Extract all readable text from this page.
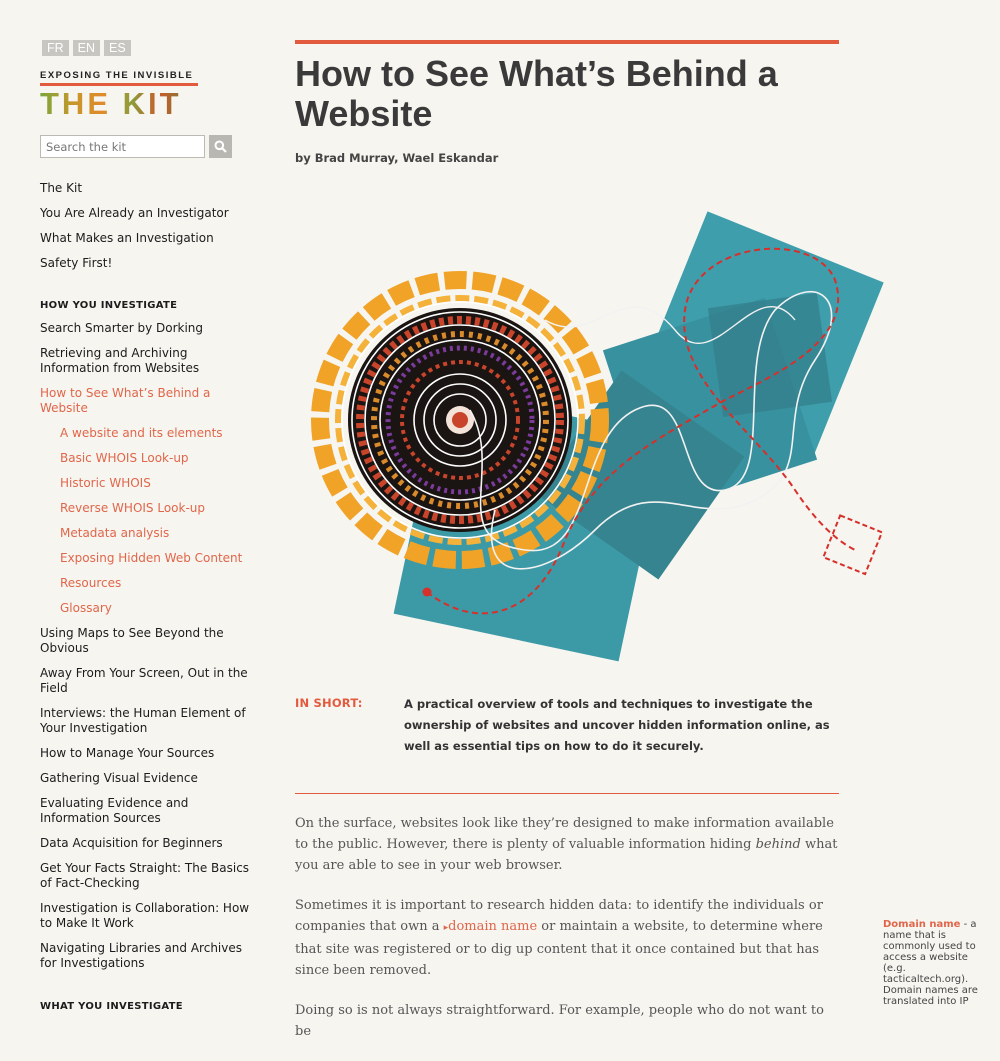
FR	EN	ES
EXPOSING THE INVISIBLE
THE KIT
Search the kit
The Kit
You Are Already an Investigator
What Makes an Investigation
Safety First!
HOW YOU INVESTIGATE
Search Smarter by Dorking
Retrieving and Archiving Information from Websites
How to See What’s Behind a Website
A website and its elements
Basic WHOIS Look-up
Historic WHOIS
Reverse WHOIS Look-up
Metadata analysis
Exposing Hidden Web Content
Resources
Glossary
Using Maps to See Beyond the Obvious
Away From Your Screen, Out in the Field
Interviews: the Human Element of Your Investigation
How to Manage Your Sources
Gathering Visual Evidence
Evaluating Evidence and Information Sources
Data Acquisition for Beginners
Get Your Facts Straight: The Basics of Fact-Checking
Investigation is Collaboration: How to Make It Work
Navigating Libraries and Archives for Investigations
WHAT YOU INVESTIGATE
How to See What’s Behind a Website
by Brad Murray, Wael Eskandar
IN SHORT:	A practical overview of tools and techniques to investigate the ownership of websites and uncover hidden information online, as well as essential tips on how to do it securely.

On the surface, websites look like they’re designed to make information available to the public. However, there is plenty of valuable information hiding behind what you are able to see in your web browser.

Sometimes it is important to research hidden data: to identify the individuals or companies that own a ▸domain name or maintain a website, to determine where that site was registered or to dig up content that it once contained but that has since been removed.

Doing so is not always straightforward. For example, people who do not want to be

Domain name - a name that is commonly used to access a website (e.g. tacticaltech.org). Domain names are translated into IP
